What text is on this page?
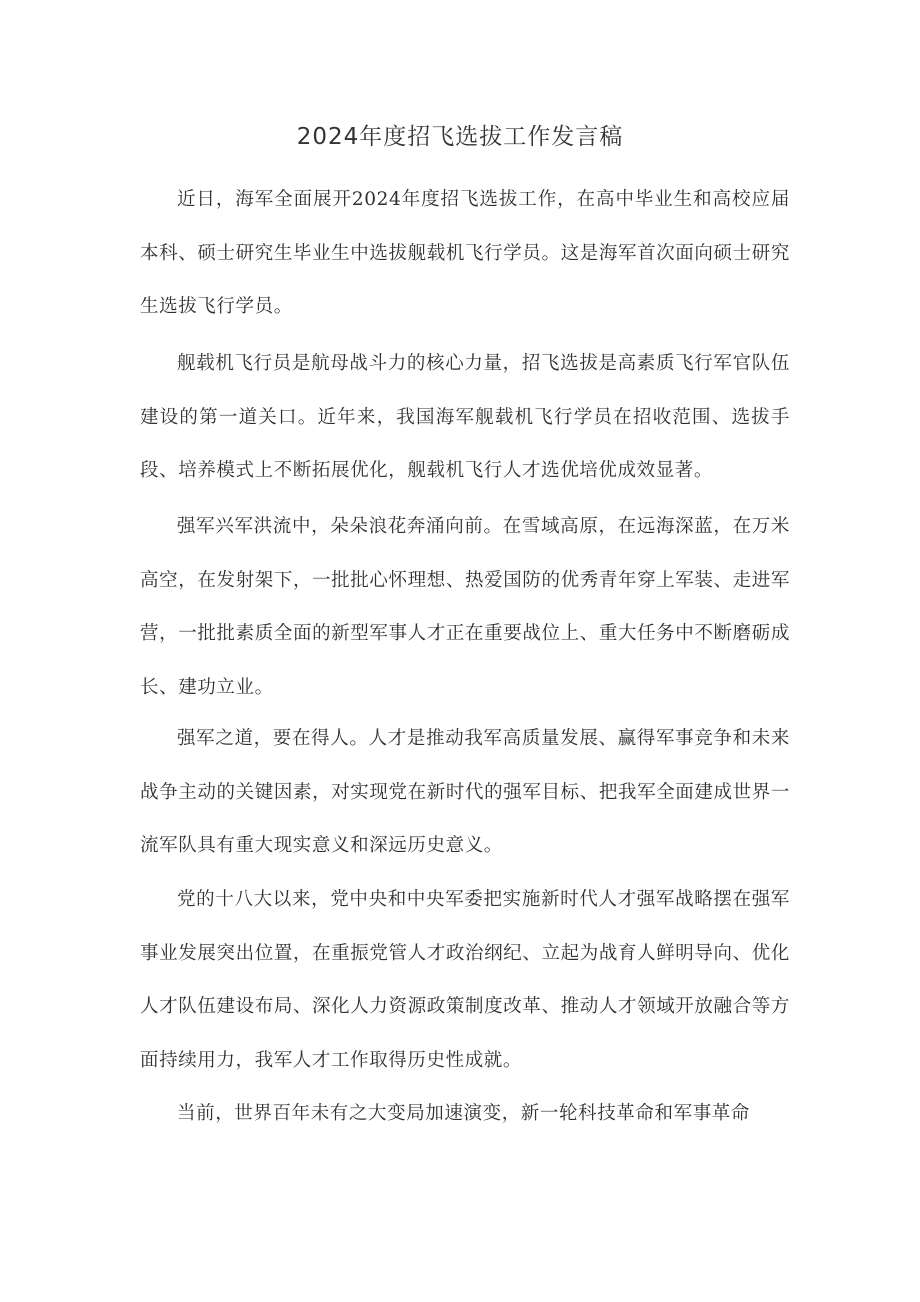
2024年度招飞选拔工作发言稿

近日，海军全面展开2024年度招飞选拔工作，在高中毕业生和高校应届本科、硕士研究生毕业生中选拔舰载机飞行学员。这是海军首次面向硕士研究生选拔飞行学员。

舰载机飞行员是航母战斗力的核心力量，招飞选拔是高素质飞行军官队伍建设的第一道关口。近年来，我国海军舰载机飞行学员在招收范围、选拔手段、培养模式上不断拓展优化，舰载机飞行人才选优培优成效显著。

强军兴军洪流中，朵朵浪花奔涌向前。在雪域高原，在远海深蓝，在万米高空，在发射架下，一批批心怀理想、热爱国防的优秀青年穿上军装、走进军营，一批批素质全面的新型军事人才正在重要战位上、重大任务中不断磨砺成长、建功立业。

强军之道，要在得人。人才是推动我军高质量发展、赢得军事竞争和未来战争主动的关键因素，对实现党在新时代的强军目标、把我军全面建成世界一流军队具有重大现实意义和深远历史意义。

党的十八大以来，党中央和中央军委把实施新时代人才强军战略摆在强军事业发展突出位置，在重振党管人才政治纲纪、立起为战育人鲜明导向、优化人才队伍建设布局、深化人力资源政策制度改革、推动人才领域开放融合等方面持续用力，我军人才工作取得历史性成就。

当前，世界百年未有之大变局加速演变，新一轮科技革命和军事革命
